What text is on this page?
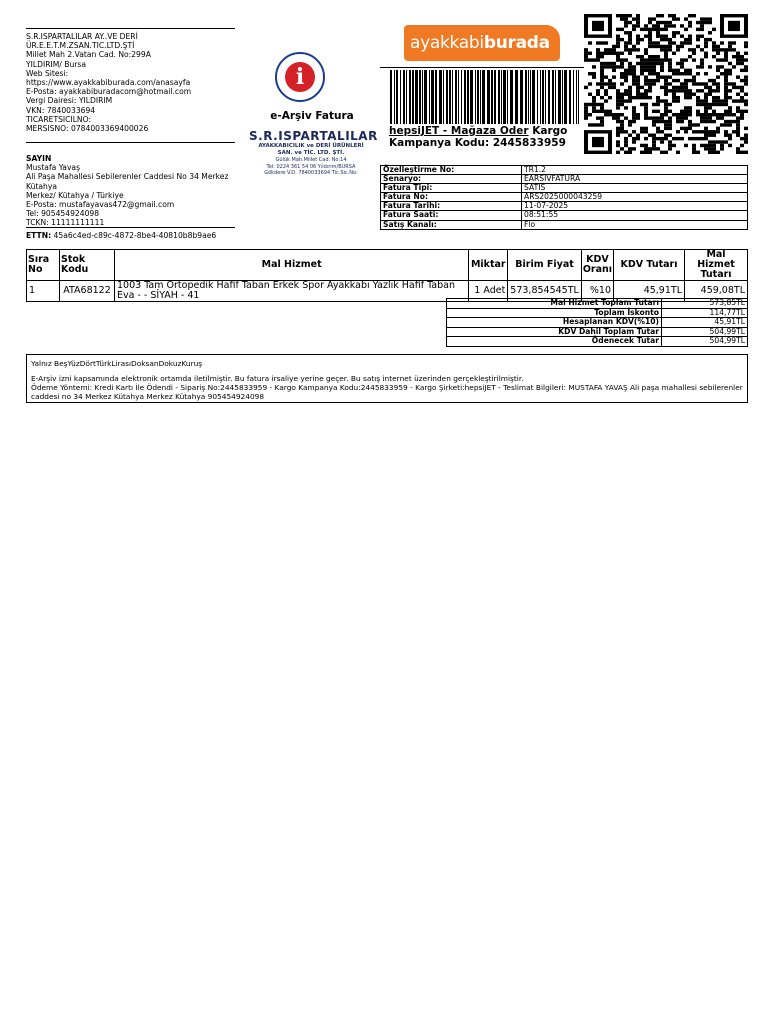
S.R.ISPARTALILAR AY..VE DERİ
ÜR.E.E.T.M.ZSAN.TIC.LTD.ŞTİ
Millet Mah 2.Vatan Cad. No:299A
YILDIRIM/ Bursa
Web Sitesi:
https://www.ayakkabiburada.com/anasayfa
E-Posta: ayakkabiburadacom@hotmail.com
Vergi Dairesi: YILDIRIM
VKN: 7840033694
TICARETSICILNO:
MERSISNO: 0784003369400026
SAYIN
Mustafa Yavaş
Ali Paşa Mahallesi Sebilerenler Caddesi No 34 Merkez
Kütahya
Merkez/ Kütahya / Türkiye
E-Posta: mustafayavas472@gmail.com
Tel: 905454924098
TCKN: 11111111111
ETTN: 45a6c4ed-c89c-4872-8be4-40810b8b9ae6
i
e-Arşiv Fatura
S.R.ISPARTALILAR
AYAKKABICILIK ve DERİ ÜRÜNLERİ
SAN. ve TİC. LTD. ŞTİ.
Gülük Mah.Millet Cad. No:14
Tel: 0224 361 54 06 Yıldırım/BURSA
Gökdere V.D. 7840033694 Tic.Sic.No:
ayakkabiburada
hepsiJET - Mağaza Oder Kargo
Kampanya Kodu: 2445833959
Özelleştirme No:	TR1.2
Senaryo:	EARSIVFATURA
Fatura Tipi:	SATIS
Fatura No:	ARS2025000043259
Fatura Tarihi:	11-07-2025
Fatura Saati:	08:51:55
Satış Kanalı:	Flo
Sıra No	Stok Kodu	Mal Hizmet	Miktar	Birim Fiyat	KDV Oranı	KDV Tutarı	Mal Hizmet Tutarı
1	ATA68122	1003 Tam Ortopedik Hafif Taban Erkek Spor Ayakkabı Yazlık Hafif Taban Eva - - SİYAH - 41	1 Adet	573,854545TL	%10	45,91TL	459,08TL
Mal Hizmet Toplam Tutarı	573,85TL
Toplam İskonto	114,77TL
Hesaplanan KDV(%10)	45,91TL
KDV Dahil Toplam Tutar	504,99TL
Ödenecek Tutar	504,99TL
Yalnız BeşYüzDörtTürkLirasıDoksanDokuzKuruş
E-Arşiv izni kapsamında elektronik ortamda iletilmiştir. Bu fatura irsaliye yerine geçer. Bu satış internet üzerinden gerçekleştirilmiştir.
Ödeme Yöntemi: Kredi Kartı İle Ödendi - Sipariş No:2445833959 - Kargo Kampanya Kodu:2445833959 - Kargo Şirketi:hepsiJET - Teslimat Bilgileri: MUSTAFA YAVAŞ Ali paşa mahallesi sebilerenler caddesi no 34 Merkez Kütahya Merkez Kütahya 905454924098
